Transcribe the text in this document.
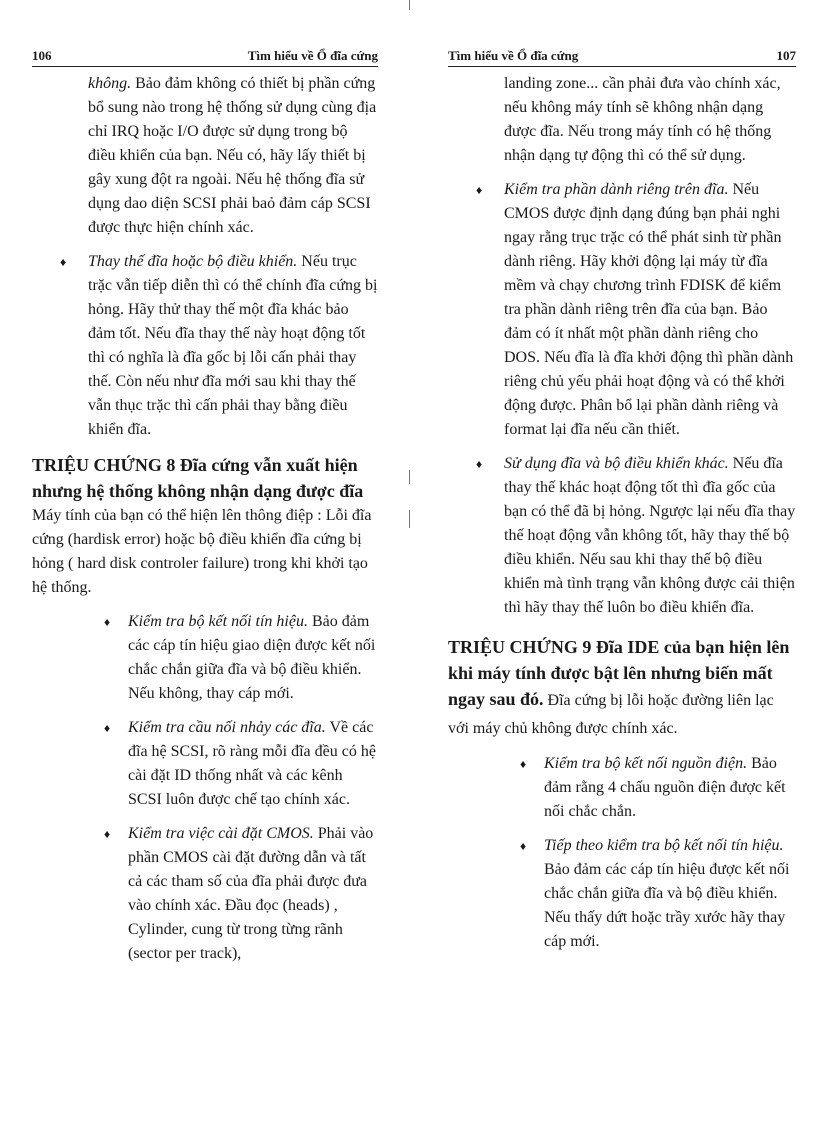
106	Tìm hiểu về Ổ đĩa cứng

không. Bảo đảm không có thiết bị phần cứng bổ sung nào trong hệ thống sử dụng cùng địa chỉ IRQ hoặc I/O được sử dụng trong bộ điều khiển của bạn. Nếu có, hãy lấy thiết bị gây xung đột ra ngoài. Nếu hệ thống đĩa sử dụng dao diện SCSI phải baỏ đảm cáp SCSI được thực hiện chính xác.

♦ Thay thế đĩa hoặc bộ điều khiển. Nếu trục trặc vẫn tiếp diễn thì có thể chính đĩa cứng bị hỏng. Hãy thử thay thế một đĩa khác bảo đảm tốt. Nếu đĩa thay thế này hoạt động tốt thì có nghĩa là đĩa gốc bị lỗi cấn phải thay thế. Còn nếu như đĩa mới sau khi thay thế vẫn thục trặc thì cấn phải thay bằng điều khiển đĩa.
TRIỆU CHỨNG 8 Đĩa cứng vẫn xuất hiện nhưng hệ thống không nhận dạng được đĩa

Máy tính của bạn có thể hiện lên thông điệp : Lỗi đĩa cứng (hardisk error) hoặc bộ điều khiển đĩa cứng bị hỏng ( hard disk controler failure) trong khi khởi tạo hệ thống.

♦ Kiểm tra bộ kết nối tín hiệu. Bảo đảm các cáp tín hiệu giao diện được kết nối chắc chắn giữa đĩa và bộ điều khiển. Nếu không, thay cáp mới.
♦ Kiểm tra cầu nối nhảy các đĩa. Về các đĩa hệ SCSI, rõ ràng mỗi đĩa đều có hệ cài đặt ID thống nhất và các kênh SCSI luôn được chế tạo chính xác.
♦ Kiểm tra việc cài đặt CMOS. Phải vào phần CMOS cài đặt đường dẫn và tất cả các tham số của đĩa phải được đưa vào chính xác. Đầu đọc (heads) , Cylinder, cung từ trong từng rãnh (sector per track),
Tìm hiểu về Ổ đĩa cứng	107

landing zone... cần phải đưa vào chính xác, nếu không máy tính sẽ không nhận dạng được đĩa. Nếu trong máy tính có hệ thống nhận dạng tự động thì có thể sử dụng.

♦ Kiểm tra phần dành riêng trên đĩa. Nếu CMOS được định dạng đúng bạn phải nghi ngay rằng trục trặc có thể phát sinh từ phần dành riêng. Hãy khởi động lại máy từ đĩa mềm và chạy chương trình FDISK để kiểm tra phần dành riêng trên đĩa của bạn. Bảo đảm có ít nhất một phần dành riêng cho DOS. Nếu đĩa là đĩa khởi động thì phần dành riêng chủ yếu phải hoạt động và có thể khởi động được. Phân bổ lại phần dành riêng và format lại đĩa nếu cần thiết.
♦ Sử dụng đĩa và bộ điều khiển khác. Nếu đĩa thay thế khác hoạt động tốt thì đĩa gốc của bạn có thể đã bị hỏng. Ngược lại nếu đĩa thay thế hoạt động vẫn không tốt, hãy thay thế bộ điều khiển. Nếu sau khi thay thế bộ điều khiển mà tình trạng vẫn không được cải thiện thì hãy thay thế luôn bo điều khiển đĩa.

TRIỆU CHỨNG 9 Đĩa IDE của bạn hiện lên khi máy tính được bật lên nhưng biến mất ngay sau đó. Đĩa cứng bị lỗi hoặc đường liên lạc với máy chủ không được chính xác.

♦ Kiểm tra bộ kết nối nguồn điện. Bảo đảm rằng 4 chấu nguồn điện được kết nối chắc chắn.
♦ Tiếp theo kiểm tra bộ kết nối tín hiệu. Bảo đảm các cáp tín hiệu được kết nối chắc chắn giữa đĩa và bộ điều khiển. Nếu thấy dứt hoặc trầy xước hãy thay cáp mới.
